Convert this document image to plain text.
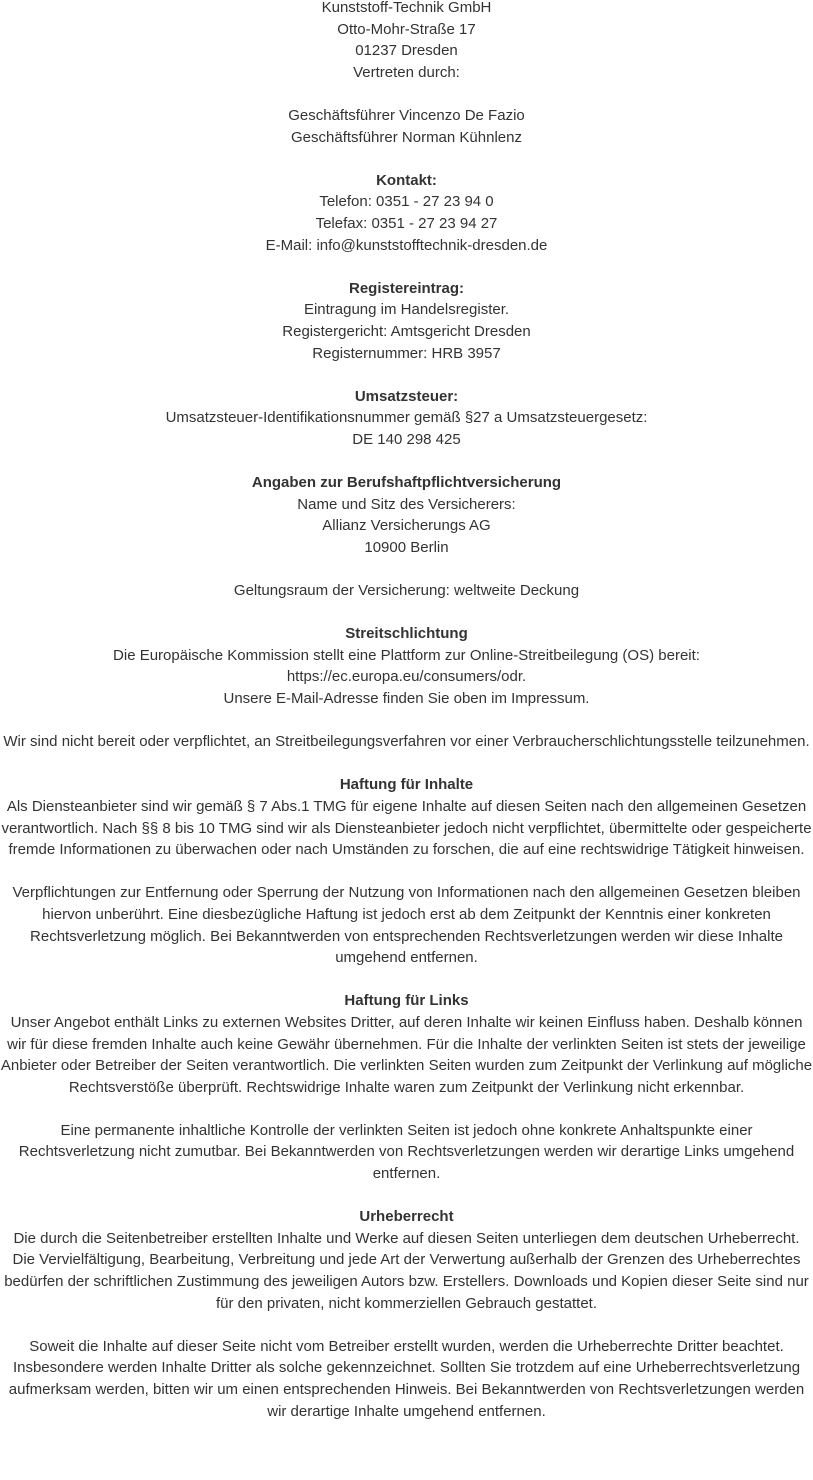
Kunststoff-Technik GmbH
Otto-Mohr-Straße 17
01237 Dresden
Vertreten durch:
Geschäftsführer Vincenzo De Fazio
Geschäftsführer Norman Kühnlenz
Kontakt:
Telefon: 0351 - 27 23 94 0
Telefax: 0351 - 27 23 94 27
E-Mail: info@kunststofftechnik-dresden.de
Registereintrag:
Eintragung im Handelsregister.
Registergericht: Amtsgericht Dresden
Registernummer: HRB 3957
Umsatzsteuer:
Umsatzsteuer-Identifikationsnummer gemäß §27 a Umsatzsteuergesetz:
DE 140 298 425
Angaben zur Berufshaftpflichtversicherung
Name und Sitz des Versicherers:
Allianz Versicherungs AG
10900 Berlin
Geltungsraum der Versicherung: weltweite Deckung
Streitschlichtung
Die Europäische Kommission stellt eine Plattform zur Online-Streitbeilegung (OS) bereit:
https://ec.europa.eu/consumers/odr.
Unsere E-Mail-Adresse finden Sie oben im Impressum.
Wir sind nicht bereit oder verpflichtet, an Streitbeilegungsverfahren vor einer Verbraucherschlichtungsstelle teilzunehmen.
Haftung für Inhalte
Als Diensteanbieter sind wir gemäß § 7 Abs.1 TMG für eigene Inhalte auf diesen Seiten nach den allgemeinen Gesetzen verantwortlich. Nach §§ 8 bis 10 TMG sind wir als Diensteanbieter jedoch nicht verpflichtet, übermittelte oder gespeicherte fremde Informationen zu überwachen oder nach Umständen zu forschen, die auf eine rechtswidrige Tätigkeit hinweisen.
Verpflichtungen zur Entfernung oder Sperrung der Nutzung von Informationen nach den allgemeinen Gesetzen bleiben hiervon unberührt. Eine diesbezügliche Haftung ist jedoch erst ab dem Zeitpunkt der Kenntnis einer konkreten Rechtsverletzung möglich. Bei Bekanntwerden von entsprechenden Rechtsverletzungen werden wir diese Inhalte umgehend entfernen.
Haftung für Links
Unser Angebot enthält Links zu externen Websites Dritter, auf deren Inhalte wir keinen Einfluss haben. Deshalb können wir für diese fremden Inhalte auch keine Gewähr übernehmen. Für die Inhalte der verlinkten Seiten ist stets der jeweilige Anbieter oder Betreiber der Seiten verantwortlich. Die verlinkten Seiten wurden zum Zeitpunkt der Verlinkung auf mögliche Rechtsverstöße überprüft. Rechtswidrige Inhalte waren zum Zeitpunkt der Verlinkung nicht erkennbar.
Eine permanente inhaltliche Kontrolle der verlinkten Seiten ist jedoch ohne konkrete Anhaltspunkte einer Rechtsverletzung nicht zumutbar. Bei Bekanntwerden von Rechtsverletzungen werden wir derartige Links umgehend entfernen.
Urheberrecht
Die durch die Seitenbetreiber erstellten Inhalte und Werke auf diesen Seiten unterliegen dem deutschen Urheberrecht. Die Vervielfältigung, Bearbeitung, Verbreitung und jede Art der Verwertung außerhalb der Grenzen des Urheberrechtes bedürfen der schriftlichen Zustimmung des jeweiligen Autors bzw. Erstellers. Downloads und Kopien dieser Seite sind nur für den privaten, nicht kommerziellen Gebrauch gestattet.
Soweit die Inhalte auf dieser Seite nicht vom Betreiber erstellt wurden, werden die Urheberrechte Dritter beachtet. Insbesondere werden Inhalte Dritter als solche gekennzeichnet. Sollten Sie trotzdem auf eine Urheberrechtsverletzung aufmerksam werden, bitten wir um einen entsprechenden Hinweis. Bei Bekanntwerden von Rechtsverletzungen werden wir derartige Inhalte umgehend entfernen.
